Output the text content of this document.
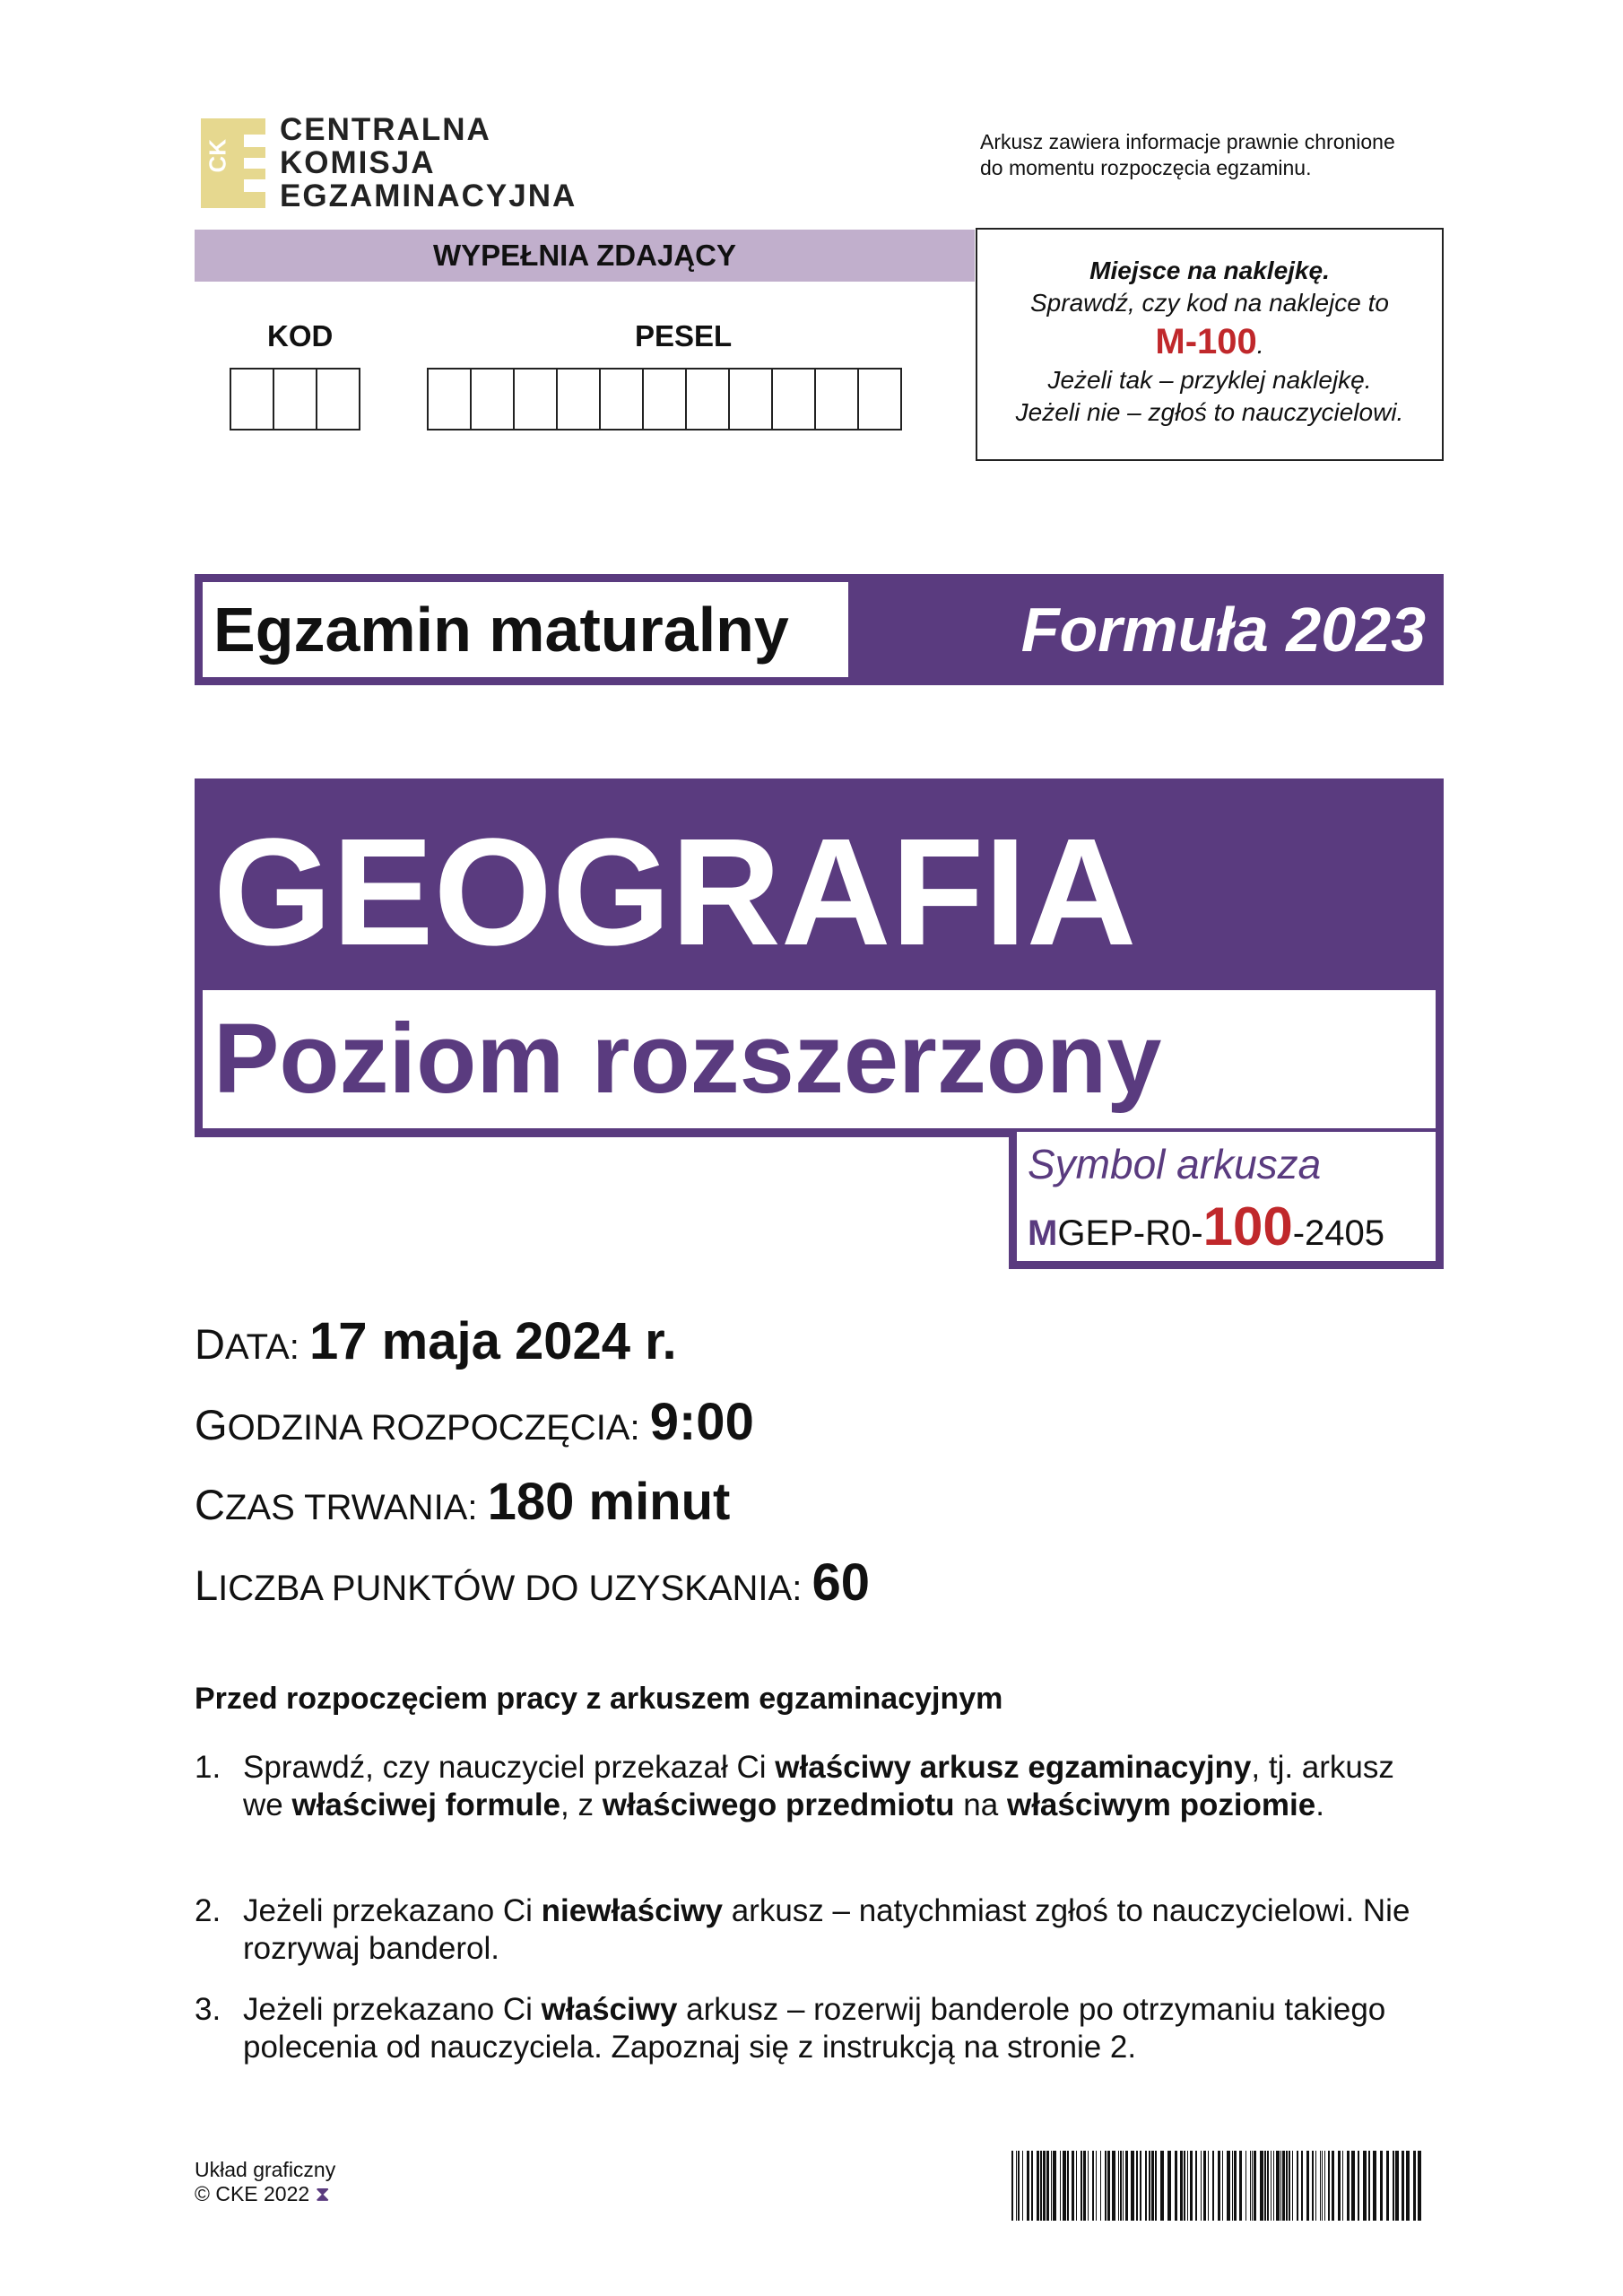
CK
CENTRALNA
KOMISJA
EGZAMINACYJNA
Arkusz zawiera informacje prawnie chronione
do momentu rozpoczęcia egzaminu.
WYPEŁNIA ZDAJĄCY
KOD	PESEL
Miejsce na naklejkę.
Sprawdź, czy kod na naklejce to
M-100.
Jeżeli tak – przyklej naklejkę.
Jeżeli nie – zgłoś to nauczycielowi.
Egzamin maturalny	Formuła 2023
GEOGRAFIA
Poziom rozszerzony
Symbol arkusza
MGEP-R0-100-2405
DATA: 17 maja 2024 r.
GODZINA ROZPOCZĘCIA: 9:00
CZAS TRWANIA: 180 minut
LICZBA PUNKTÓW DO UZYSKANIA: 60
Przed rozpoczęciem pracy z arkuszem egzaminacyjnym
1. Sprawdź, czy nauczyciel przekazał Ci właściwy arkusz egzaminacyjny, tj. arkusz we właściwej formule, z właściwego przedmiotu na właściwym poziomie.
2. Jeżeli przekazano Ci niewłaściwy arkusz – natychmiast zgłoś to nauczycielowi. Nie rozrywaj banderol.
3. Jeżeli przekazano Ci właściwy arkusz – rozerwij banderole po otrzymaniu takiego polecenia od nauczyciela. Zapoznaj się z instrukcją na stronie 2.
Układ graficzny
© CKE 2022 ⧗
